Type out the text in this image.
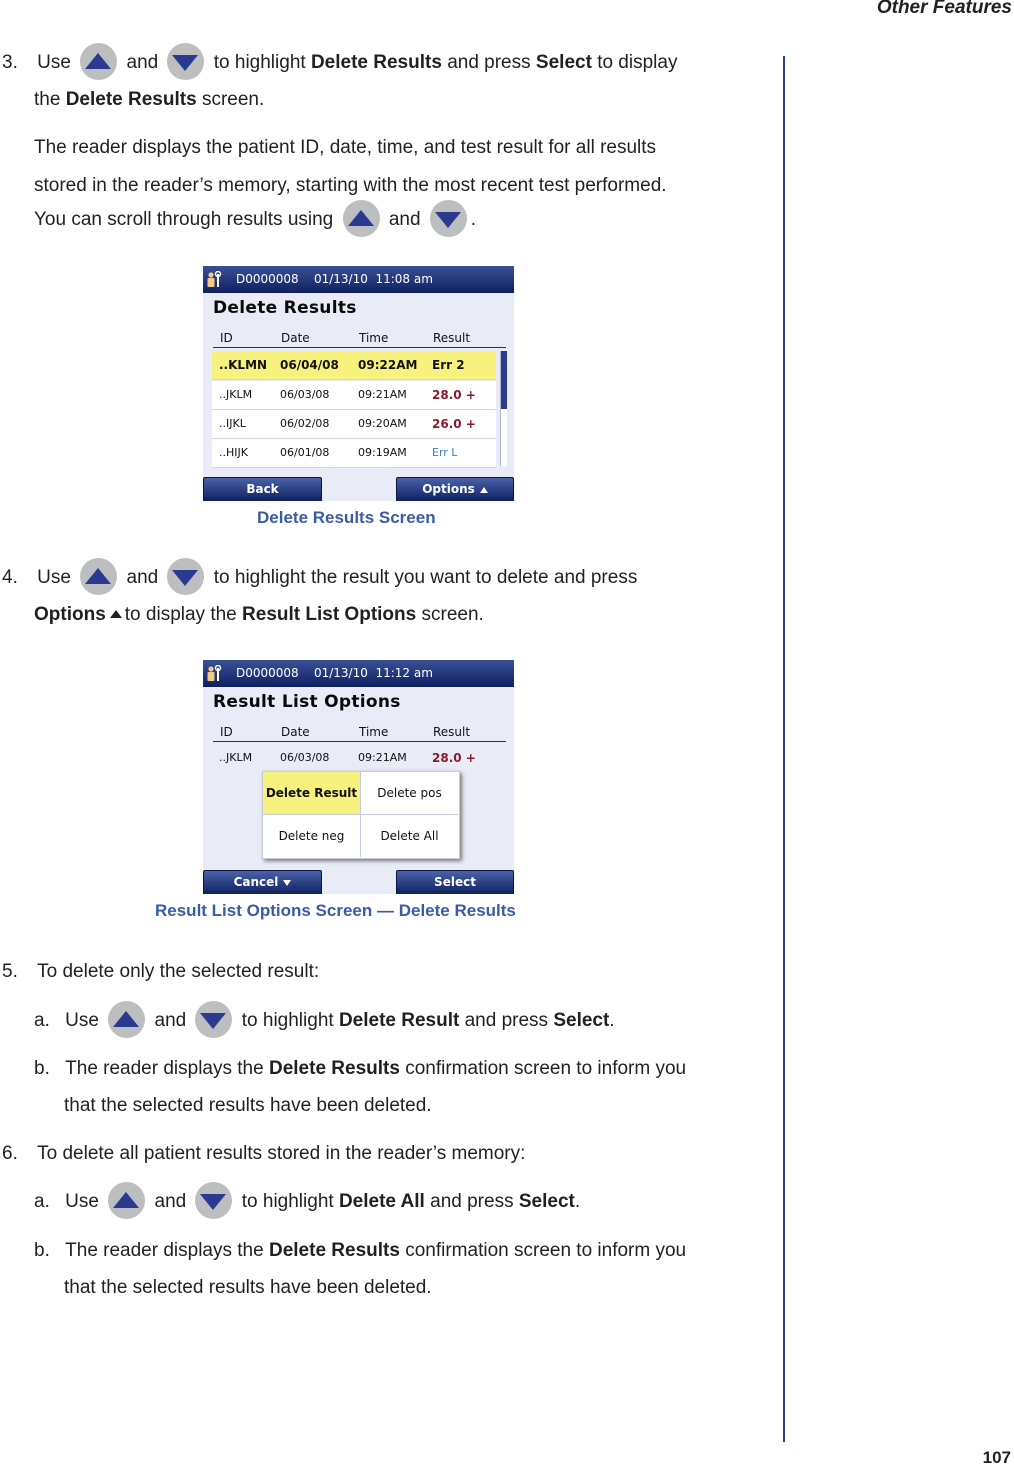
Other Features
3. Use	and	to highlight Delete Results and press Select to display
the Delete Results screen.
The reader displays the patient ID, date, time, and test result for all results
stored in the reader’s memory, starting with the most recent test performed.
You can scroll through results using	and	.
D0000008    01/13/10  11:08 am
Delete Results
ID	Date	Time	Result
..KLMN 06/04/08 09:22AM Err 2
..JKLM	06/03/08	09:21AM 28.0 +
..IJKL	06/02/08	09:20AM 26.0 +
..HIJK	06/01/08	09:19AM Err L
Back	Options
Delete Results Screen
4. Use	and	to highlight the result you want to delete and press
Options to display the Result List Options screen.
D0000008    01/13/10  11:12 am
Result List Options
ID	Date	Time	Result
..JKLM	06/03/08	09:21AM 28.0 +
Delete Result	Delete pos
Delete neg	Delete All
Cancel	Select
Result List Options Screen — Delete Results
5. To delete only the selected result:
a. Use	and	to highlight Delete Result and press Select.
b. The reader displays the Delete Results confirmation screen to inform you
that the selected results have been deleted.
6. To delete all patient results stored in the reader’s memory:
a. Use	and	to highlight Delete All and press Select.
b. The reader displays the Delete Results confirmation screen to inform you
that the selected results have been deleted.
107
